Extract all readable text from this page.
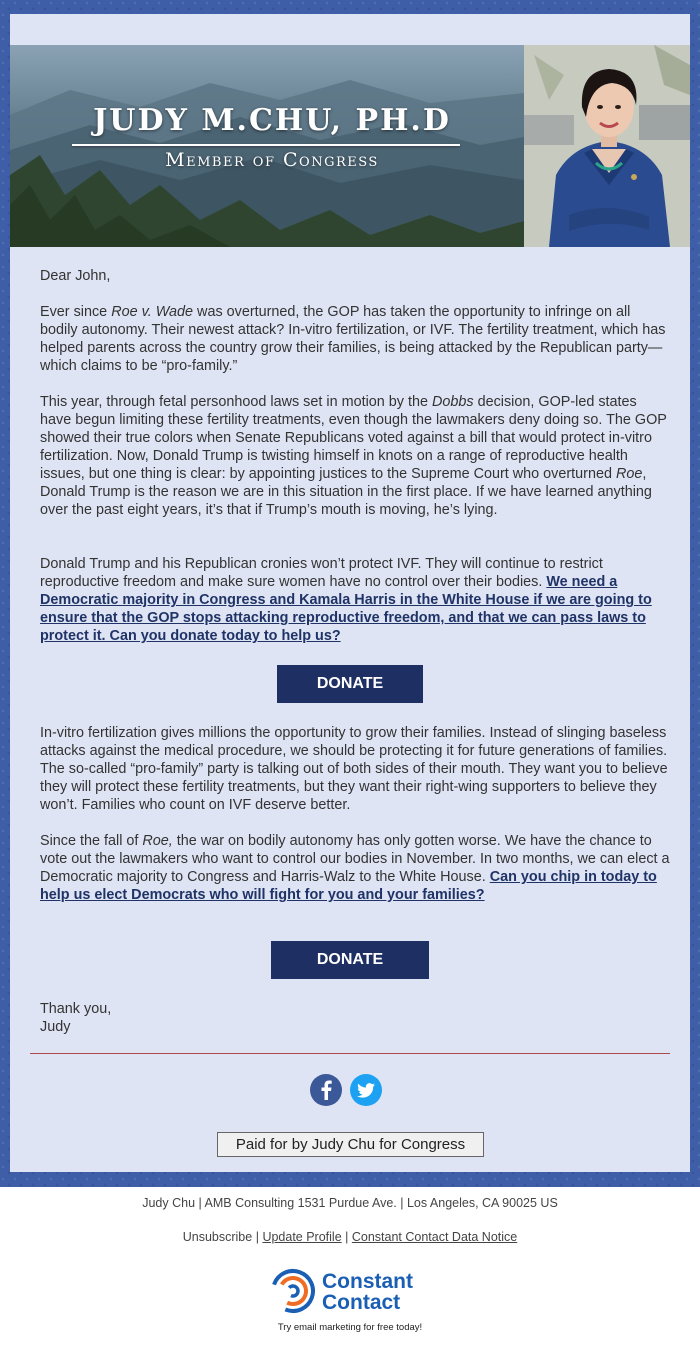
JUDY M.CHU, PH.D
Member of Congress
Dear John,
Ever since Roe v. Wade was overturned, the GOP has taken the opportunity to infringe on all bodily autonomy. Their newest attack? In-vitro fertilization, or IVF. The fertility treatment, which has helped parents across the country grow their families, is being attacked by the Republican party—which claims to be “pro-family.”
This year, through fetal personhood laws set in motion by the Dobbs decision, GOP-led states have begun limiting these fertility treatments, even though the lawmakers deny doing so. The GOP showed their true colors when Senate Republicans voted against a bill that would protect in-vitro fertilization. Now, Donald Trump is twisting himself in knots on a range of reproductive health issues, but one thing is clear: by appointing justices to the Supreme Court who overturned Roe, Donald Trump is the reason we are in this situation in the first place. If we have learned anything over the past eight years, it’s that if Trump’s mouth is moving, he’s lying.
Donald Trump and his Republican cronies won’t protect IVF. They will continue to restrict reproductive freedom and make sure women have no control over their bodies. We need a Democratic majority in Congress and Kamala Harris in the White House if we are going to ensure that the GOP stops attacking reproductive freedom, and that we can pass laws to protect it. Can you donate today to help us?
DONATE
In-vitro fertilization gives millions the opportunity to grow their families. Instead of slinging baseless attacks against the medical procedure, we should be protecting it for future generations of families. The so-called “pro-family” party is talking out of both sides of their mouth. They want you to believe they will protect these fertility treatments, but they want their right-wing supporters to believe they won’t. Families who count on IVF deserve better.
Since the fall of Roe, the war on bodily autonomy has only gotten worse. We have the chance to vote out the lawmakers who want to control our bodies in November. In two months, we can elect a Democratic majority to Congress and Harris-Walz to the White House. Can you chip in today to help us elect Democrats who will fight for you and your families?
DONATE
Thank you,
Judy
Paid for by Judy Chu for Congress
Judy Chu | AMB Consulting 1531 Purdue Ave. | Los Angeles, CA 90025 US
Unsubscribe | Update Profile | Constant Contact Data Notice
Constant
Contact
Try email marketing for free today!
